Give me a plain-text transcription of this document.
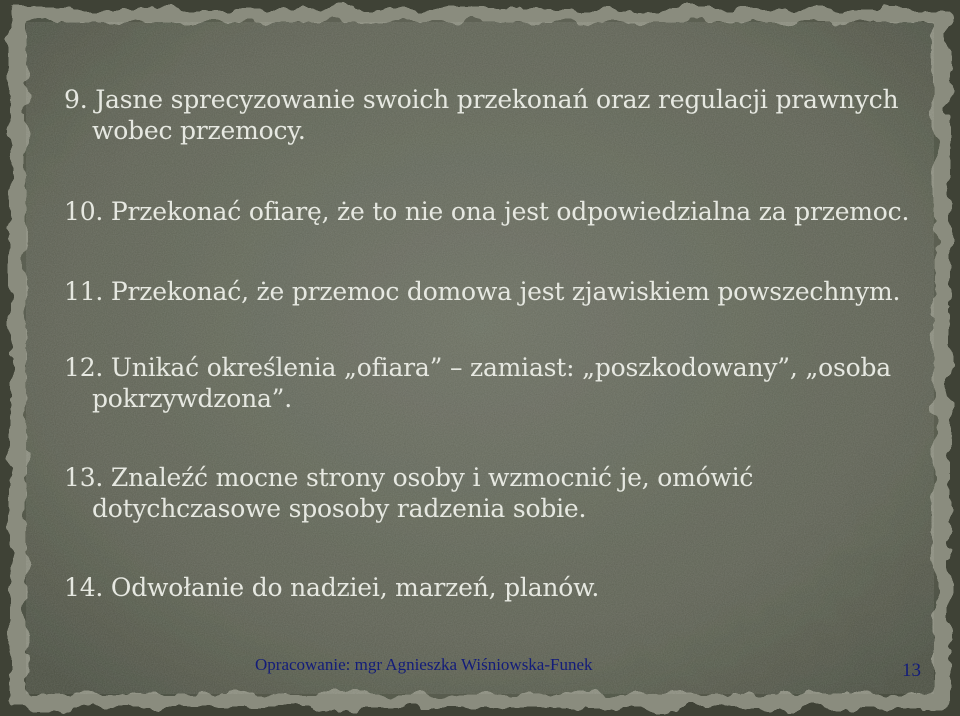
9. Jasne sprecyzowanie swoich przekonań oraz regulacji prawnych
wobec przemocy.
10. Przekonać ofiarę, że to nie ona jest odpowiedzialna za przemoc.
11. Przekonać, że przemoc domowa jest zjawiskiem powszechnym.
12. Unikać określenia „ofiara” – zamiast: „poszkodowany”, „osoba
pokrzywdzona”.
13. Znaleźć mocne strony osoby i wzmocnić je, omówić
dotychczasowe sposoby radzenia sobie.
14. Odwołanie do nadziei, marzeń, planów.
Opracowanie: mgr Agnieszka Wiśniowska-Funek	13
